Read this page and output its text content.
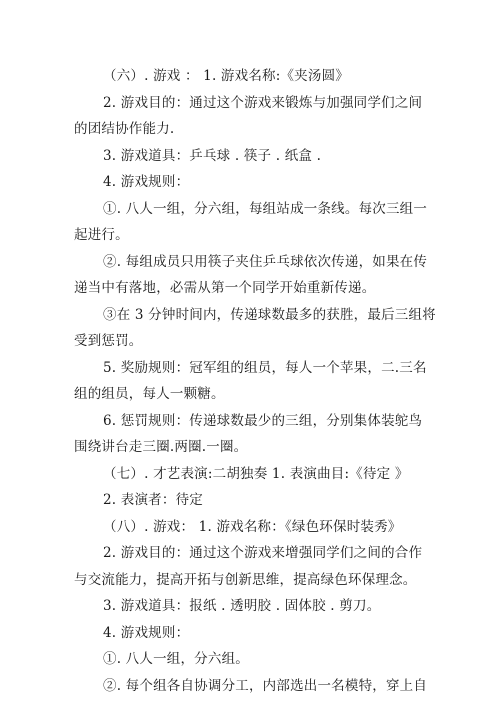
（六）. 游戏 ： 1. 游戏名称:《夹汤圆》
2. 游戏目的：通过这个游戏来锻炼与加强同学们之间
的团结协作能力.
3. 游戏道具：乒乓球 . 筷子 . 纸盒 .
4. 游戏规则：
①. 八人一组，分六组，每组站成一条线。每次三组一
起进行。
②. 每组成员只用筷子夹住乒乓球依次传递，如果在传
递当中有落地，必需从第一个同学开始重新传递。
③在 3 分钟时间内，传递球数最多的获胜，最后三组将
受到惩罚。
5. 奖励规则：冠军组的组员，每人一个苹果，二.三名
组的组员，每人一颗糖。
6. 惩罚规则：传递球数最少的三组，分别集体装鸵鸟
围绕讲台走三圈.两圈.一圈。
（七）. 才艺表演:二胡独奏 1. 表演曲目:《待定 》
2. 表演者：待定
（八）. 游戏： 1. 游戏名称：《绿色环保时装秀》
2. 游戏目的：通过这个游戏来增强同学们之间的合作
与交流能力，提高开拓与创新思维，提高绿色环保理念。
3. 游戏道具：报纸 . 透明胶 . 固体胶 . 剪刀。
4. 游戏规则：
①. 八人一组，分六组。
②. 每个组各自协调分工，内部选出一名模特，穿上自
